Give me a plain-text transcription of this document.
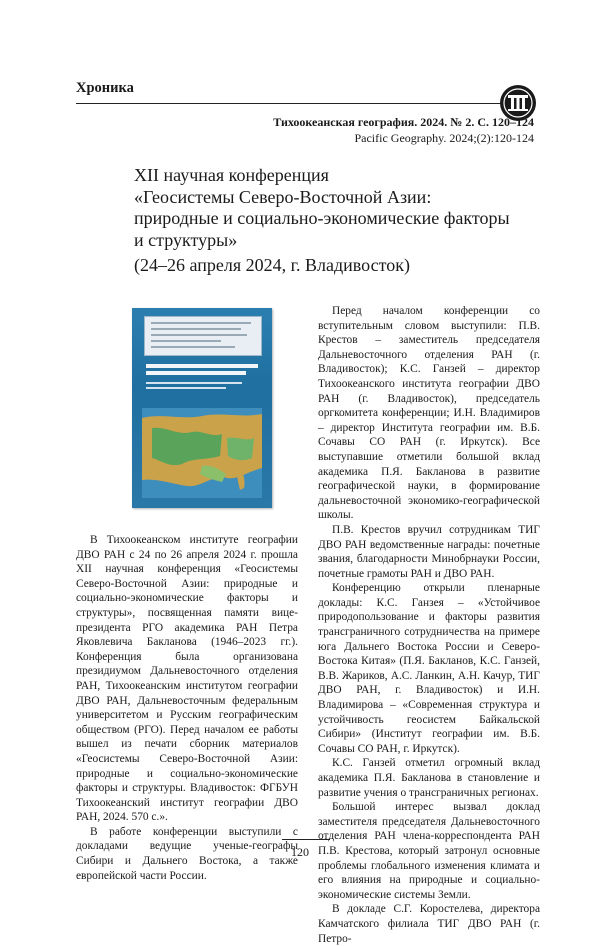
Хроника
Тихоокеанская география. 2024. № 2. С. 120–124
Pacific Geography. 2024;(2):120-124
XII научная конференция
«Геосистемы Северо-Восточной Азии:
природные и социально-экономические факторы
и структуры»
(24–26 апреля 2024, г. Владивосток)

В Тихоокеанском институте географии ДВО РАН с 24 по 26 апреля 2024 г. прошла XII научная конференция «Геосистемы Северо-Восточной Азии: природные и социально-экономические факторы и структуры», посвященная памяти вице-президента РГО академика РАН Петра Яковлевича Бакланова (1946–2023 гг.). Конференция была организована президиумом Дальневосточного отделения РАН, Тихоокеанским институтом географии ДВО РАН, Дальневосточным федеральным университетом и Русским географическим обществом (РГО). Перед началом ее работы вышел из печати сборник материалов «Геосистемы Северо-Восточной Азии: природные и социально-экономические факторы и структуры. Владивосток: ФГБУН Тихоокеанский институт географии ДВО РАН, 2024. 570 с.».

В работе конференции выступили с докладами ведущие ученые-географы Сибири и Дальнего Востока, а также европейской части России.

Перед началом конференции со вступительным словом выступили: П.В. Крестов – заместитель председателя Дальневосточного отделения РАН (г. Владивосток); К.С. Ганзей – директор Тихоокеанского института географии ДВО РАН (г. Владивосток), председатель оргкомитета конференции; И.Н. Владимиров – директор Института географии им. В.Б. Сочавы СО РАН (г. Иркутск). Все выступавшие отметили большой вклад академика П.Я. Бакланова в развитие географической науки, в формирование дальневосточной экономико-географической школы.

П.В. Крестов вручил сотрудникам ТИГ ДВО РАН ведомственные награды: почетные звания, благодарности Минобрнауки России, почетные грамоты РАН и ДВО РАН.

Конференцию открыли пленарные доклады: К.С. Ганзея – «Устойчивое природопользование и факторы развития трансграничного сотрудничества на примере юга Дальнего Востока России и Северо-Востока Китая» (П.Я. Бакланов, К.С. Ганзей, В.В. Жариков, А.С. Ланкин, А.Н. Качур, ТИГ ДВО РАН, г. Владивосток) и И.Н. Владимирова – «Современная структура и устойчивость геосистем Байкальской Сибири» (Институт географии им. В.Б. Сочавы СО РАН, г. Иркутск).

К.С. Ганзей отметил огромный вклад академика П.Я. Бакланова в становление и развитие учения о трансграничных регионах.

Большой интерес вызвал доклад заместителя председателя Дальневосточного отделения РАН члена-корреспондента РАН П.В. Крестова, который затронул основные проблемы глобального изменения климата и его влияния на природные и социально-экономические системы Земли.

В докладе С.Г. Коростелева, директора Камчатского филиала ТИГ ДВО РАН (г. Петро-

120
